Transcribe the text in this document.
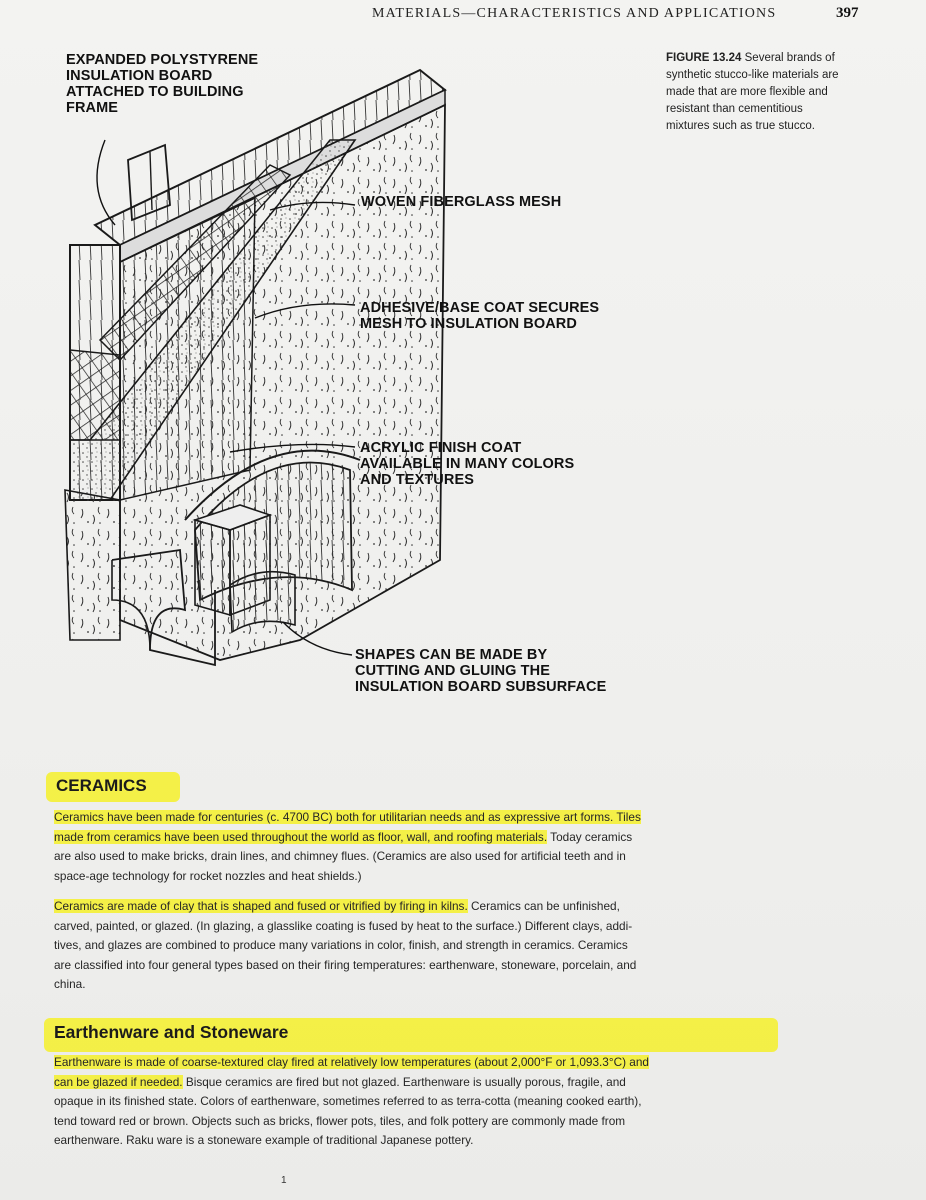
MATERIALS—CHARACTERISTICS AND APPLICATIONS	397
EXPANDED POLYSTYRENE
INSULATION BOARD
ATTACHED TO BUILDING
FRAME
WOVEN FIBERGLASS MESH
ADHESIVE/BASE COAT SECURES
MESH TO INSULATION BOARD
ACRYLIC FINISH COAT
AVAILABLE IN MANY COLORS
AND TEXTURES
SHAPES CAN BE MADE BY
CUTTING AND GLUING THE
INSULATION BOARD SUBSURFACE
FIGURE 13.24 Several brands of
synthetic stucco-like materials are
made that are more flexible and
resistant than cementitious
mixtures such as true stucco.
CERAMICS
Ceramics have been made for centuries (c. 4700 BC) both for utilitarian needs and as expressive art forms. Tiles
made from ceramics have been used throughout the world as floor, wall, and roofing materials. Today ceramics
are also used to make bricks, drain lines, and chimney flues. (Ceramics are also used for artificial teeth and in
space-age technology for rocket nozzles and heat shields.)
Ceramics are made of clay that is shaped and fused or vitrified by firing in kilns. Ceramics can be unfinished,
carved, painted, or glazed. (In glazing, a glasslike coating is fused by heat to the surface.) Different clays, addi-
tives, and glazes are combined to produce many variations in color, finish, and strength in ceramics. Ceramics
are classified into four general types based on their firing temperatures: earthenware, stoneware, porcelain, and
china.
Earthenware and Stoneware
Earthenware is made of coarse-textured clay fired at relatively low temperatures (about 2,000°F or 1,093.3°C) and
can be glazed if needed. Bisque ceramics are fired but not glazed. Earthenware is usually porous, fragile, and
opaque in its finished state. Colors of earthenware, sometimes referred to as terra-cotta (meaning cooked earth),
tend toward red or brown. Objects such as bricks, flower pots, tiles, and folk pottery are commonly made from
earthenware. Raku ware is a stoneware example of traditional Japanese pottery.
1
